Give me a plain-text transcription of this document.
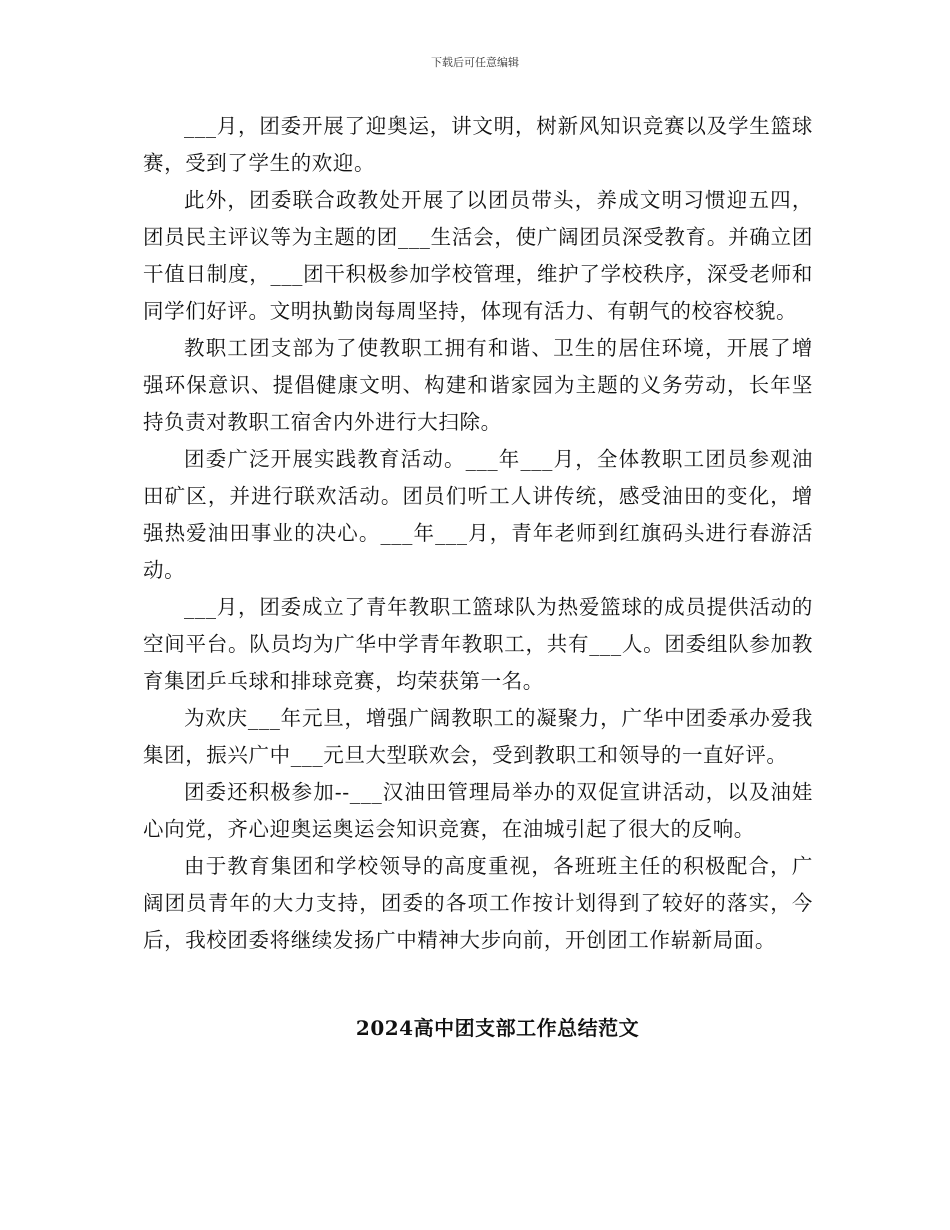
下载后可任意编辑

___月，团委开展了迎奥运，讲文明，树新风知识竞赛以及学生篮球赛，受到了学生的欢迎。

此外，团委联合政教处开展了以团员带头，养成文明习惯迎五四，团员民主评议等为主题的团___生活会，使广阔团员深受教育。并确立团干值日制度，___团干积极参加学校管理，维护了学校秩序，深受老师和同学们好评。文明执勤岗每周坚持，体现有活力、有朝气的校容校貌。

教职工团支部为了使教职工拥有和谐、卫生的居住环境，开展了增强环保意识、提倡健康文明、构建和谐家园为主题的义务劳动，长年坚持负责对教职工宿舍内外进行大扫除。

团委广泛开展实践教育活动。___年___月，全体教职工团员参观油田矿区，并进行联欢活动。团员们听工人讲传统，感受油田的变化，增强热爱油田事业的决心。___年___月，青年老师到红旗码头进行春游活动。

___月，团委成立了青年教职工篮球队为热爱篮球的成员提供活动的空间平台。队员均为广华中学青年教职工，共有___人。团委组队参加教育集团乒乓球和排球竞赛，均荣获第一名。

为欢庆___年元旦，增强广阔教职工的凝聚力，广华中团委承办爱我集团，振兴广中___元旦大型联欢会，受到教职工和领导的一直好评。

团委还积极参加--___汉油田管理局举办的双促宣讲活动，以及油娃心向党，齐心迎奥运奥运会知识竞赛，在油城引起了很大的反响。

由于教育集团和学校领导的高度重视，各班班主任的积极配合，广阔团员青年的大力支持，团委的各项工作按计划得到了较好的落实，今后，我校团委将继续发扬广中精神大步向前，开创团工作崭新局面。

2024高中团支部工作总结范文
